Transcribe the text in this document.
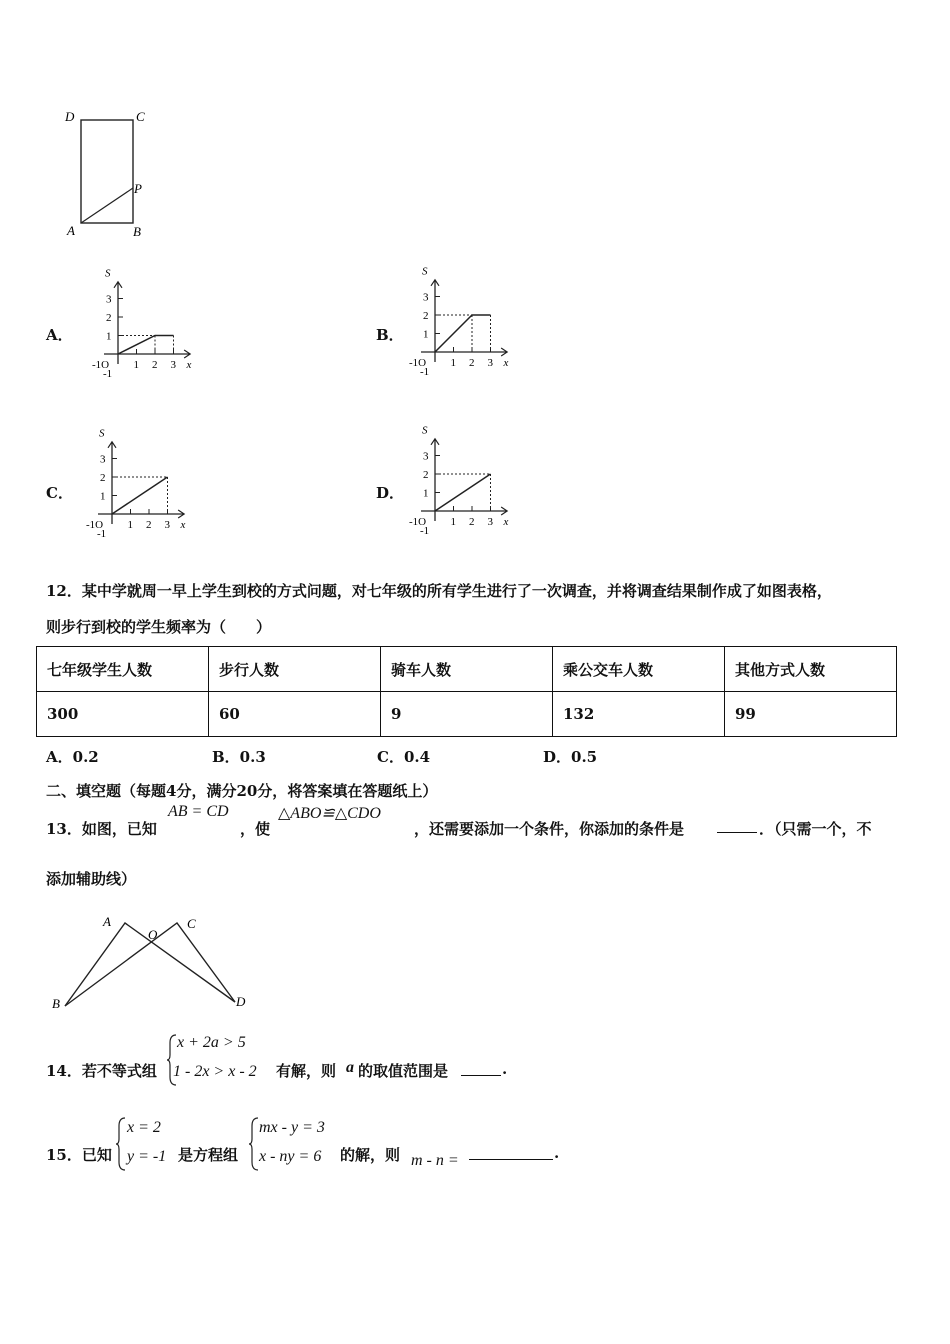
D	C
P
A	B
A．	B．
C．	D．
3
2
1
1 2 3
-1O
-1
S
x
3
2
1
1 2 3
-1O
-1
S
x
3
2
1
1 2 3
-1O
-1
S
x
3
2
1
1 2 3
-1O
-1
S
x
12．某中学就周一早上学生到校的方式问题，对七年级的所有学生进行了一次调查，并将调查结果制作成了如图表格，
则步行到校的学生频率为（　　）
七年级学生人数	步行人数	骑车人数	乘公交车人数	其他方式人数
300	60	9	132	99
A．0.2	B．0.3	C．0.4	D．0.5
二、填空题（每题4分，满分20分，将答案填在答题纸上）
13．如图，已知
AB = CD
，使
△ABO≌△CDO
，还需要添加一个条件，你添加的条件是	．（只需一个，不
添加辅助线）
A
O
C
B	D
14．若不等式组
x + 2a > 5
1 - 2x > x - 2 有解，则 a 的取值范围是	.
15．已知
x = 2
y = -1 是方程组
mx - y = 3
x - ny = 6 的解，则 m - n =	.
